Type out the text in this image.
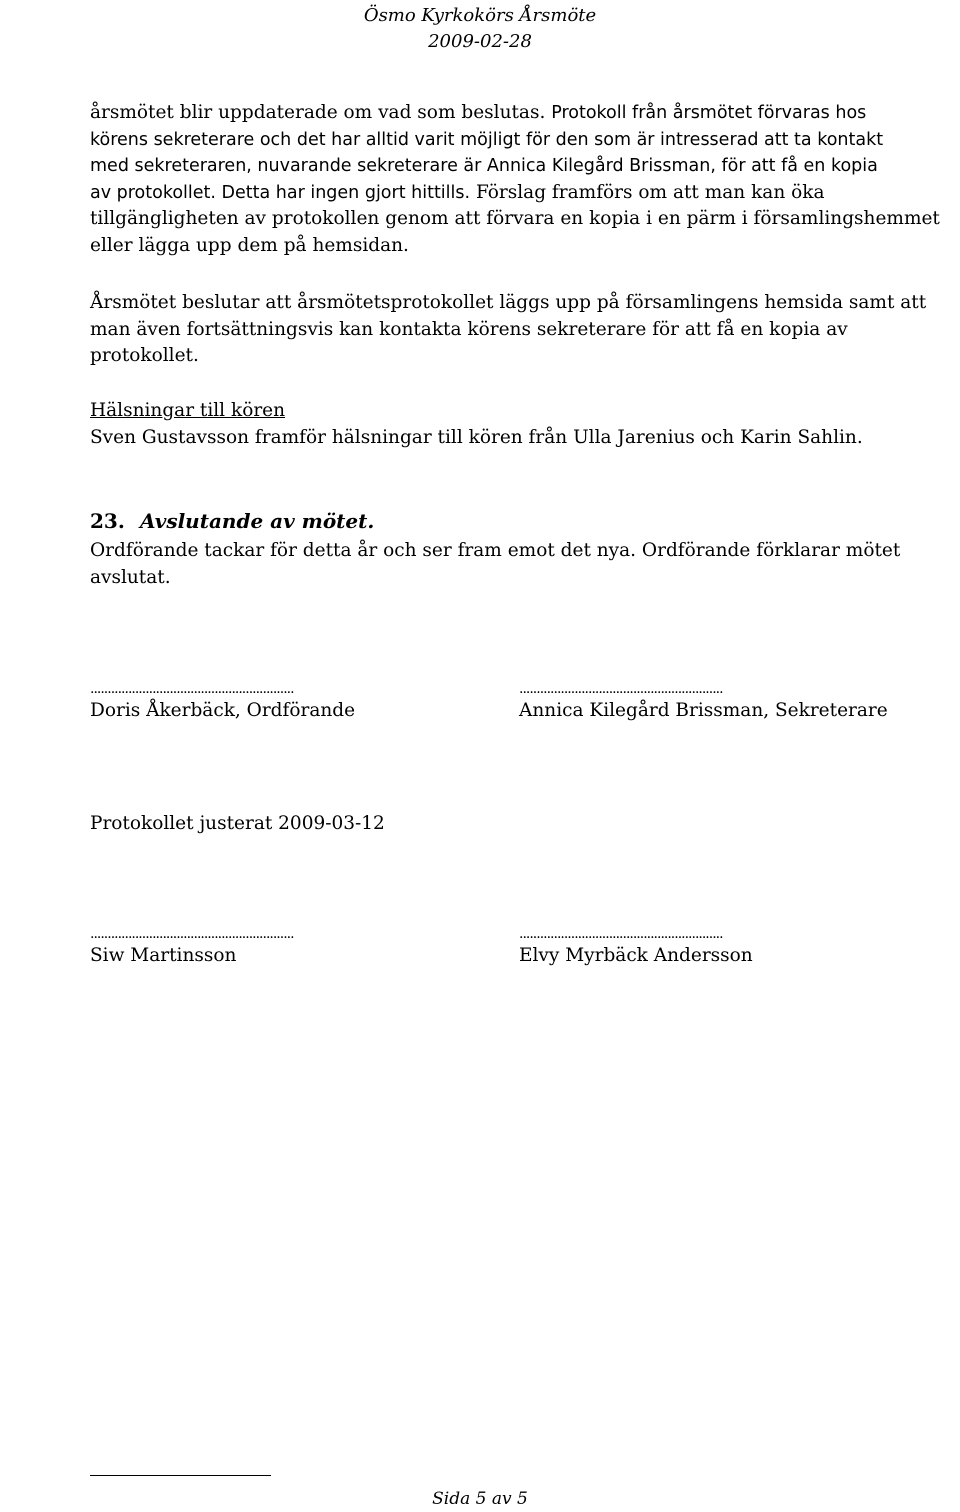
Ösmo Kyrkokörs Årsmöte
2009-02-28
årsmötet blir uppdaterade om vad som beslutas. Protokoll från årsmötet förvaras hos
körens sekreterare och det har alltid varit möjligt för den som är intresserad att ta kontakt
med sekreteraren, nuvarande sekreterare är Annica Kilegård Brissman, för att få en kopia
av protokollet. Detta har ingen gjort hittills. Förslag framförs om att man kan öka
tillgängligheten av protokollen genom att förvara en kopia i en pärm i församlingshemmet
eller lägga upp dem på hemsidan.
Årsmötet beslutar att årsmötetsprotokollet läggs upp på församlingens hemsida samt att
man även fortsättningsvis kan kontakta körens sekreterare för att få en kopia av
protokollet.
Hälsningar till kören
Sven Gustavsson framför hälsningar till kören från Ulla Jarenius och Karin Sahlin.
23. Avslutande av mötet.
Ordförande tackar för detta år och ser fram emot det nya. Ordförande förklarar mötet
avslutat.
...........................................................
Doris Åkerbäck, Ordförande
...........................................................
Annica Kilegård Brissman, Sekreterare
Protokollet justerat 2009-03-12
...........................................................
Siw Martinsson
...........................................................
Elvy Myrbäck Andersson
Sida 5 av 5
